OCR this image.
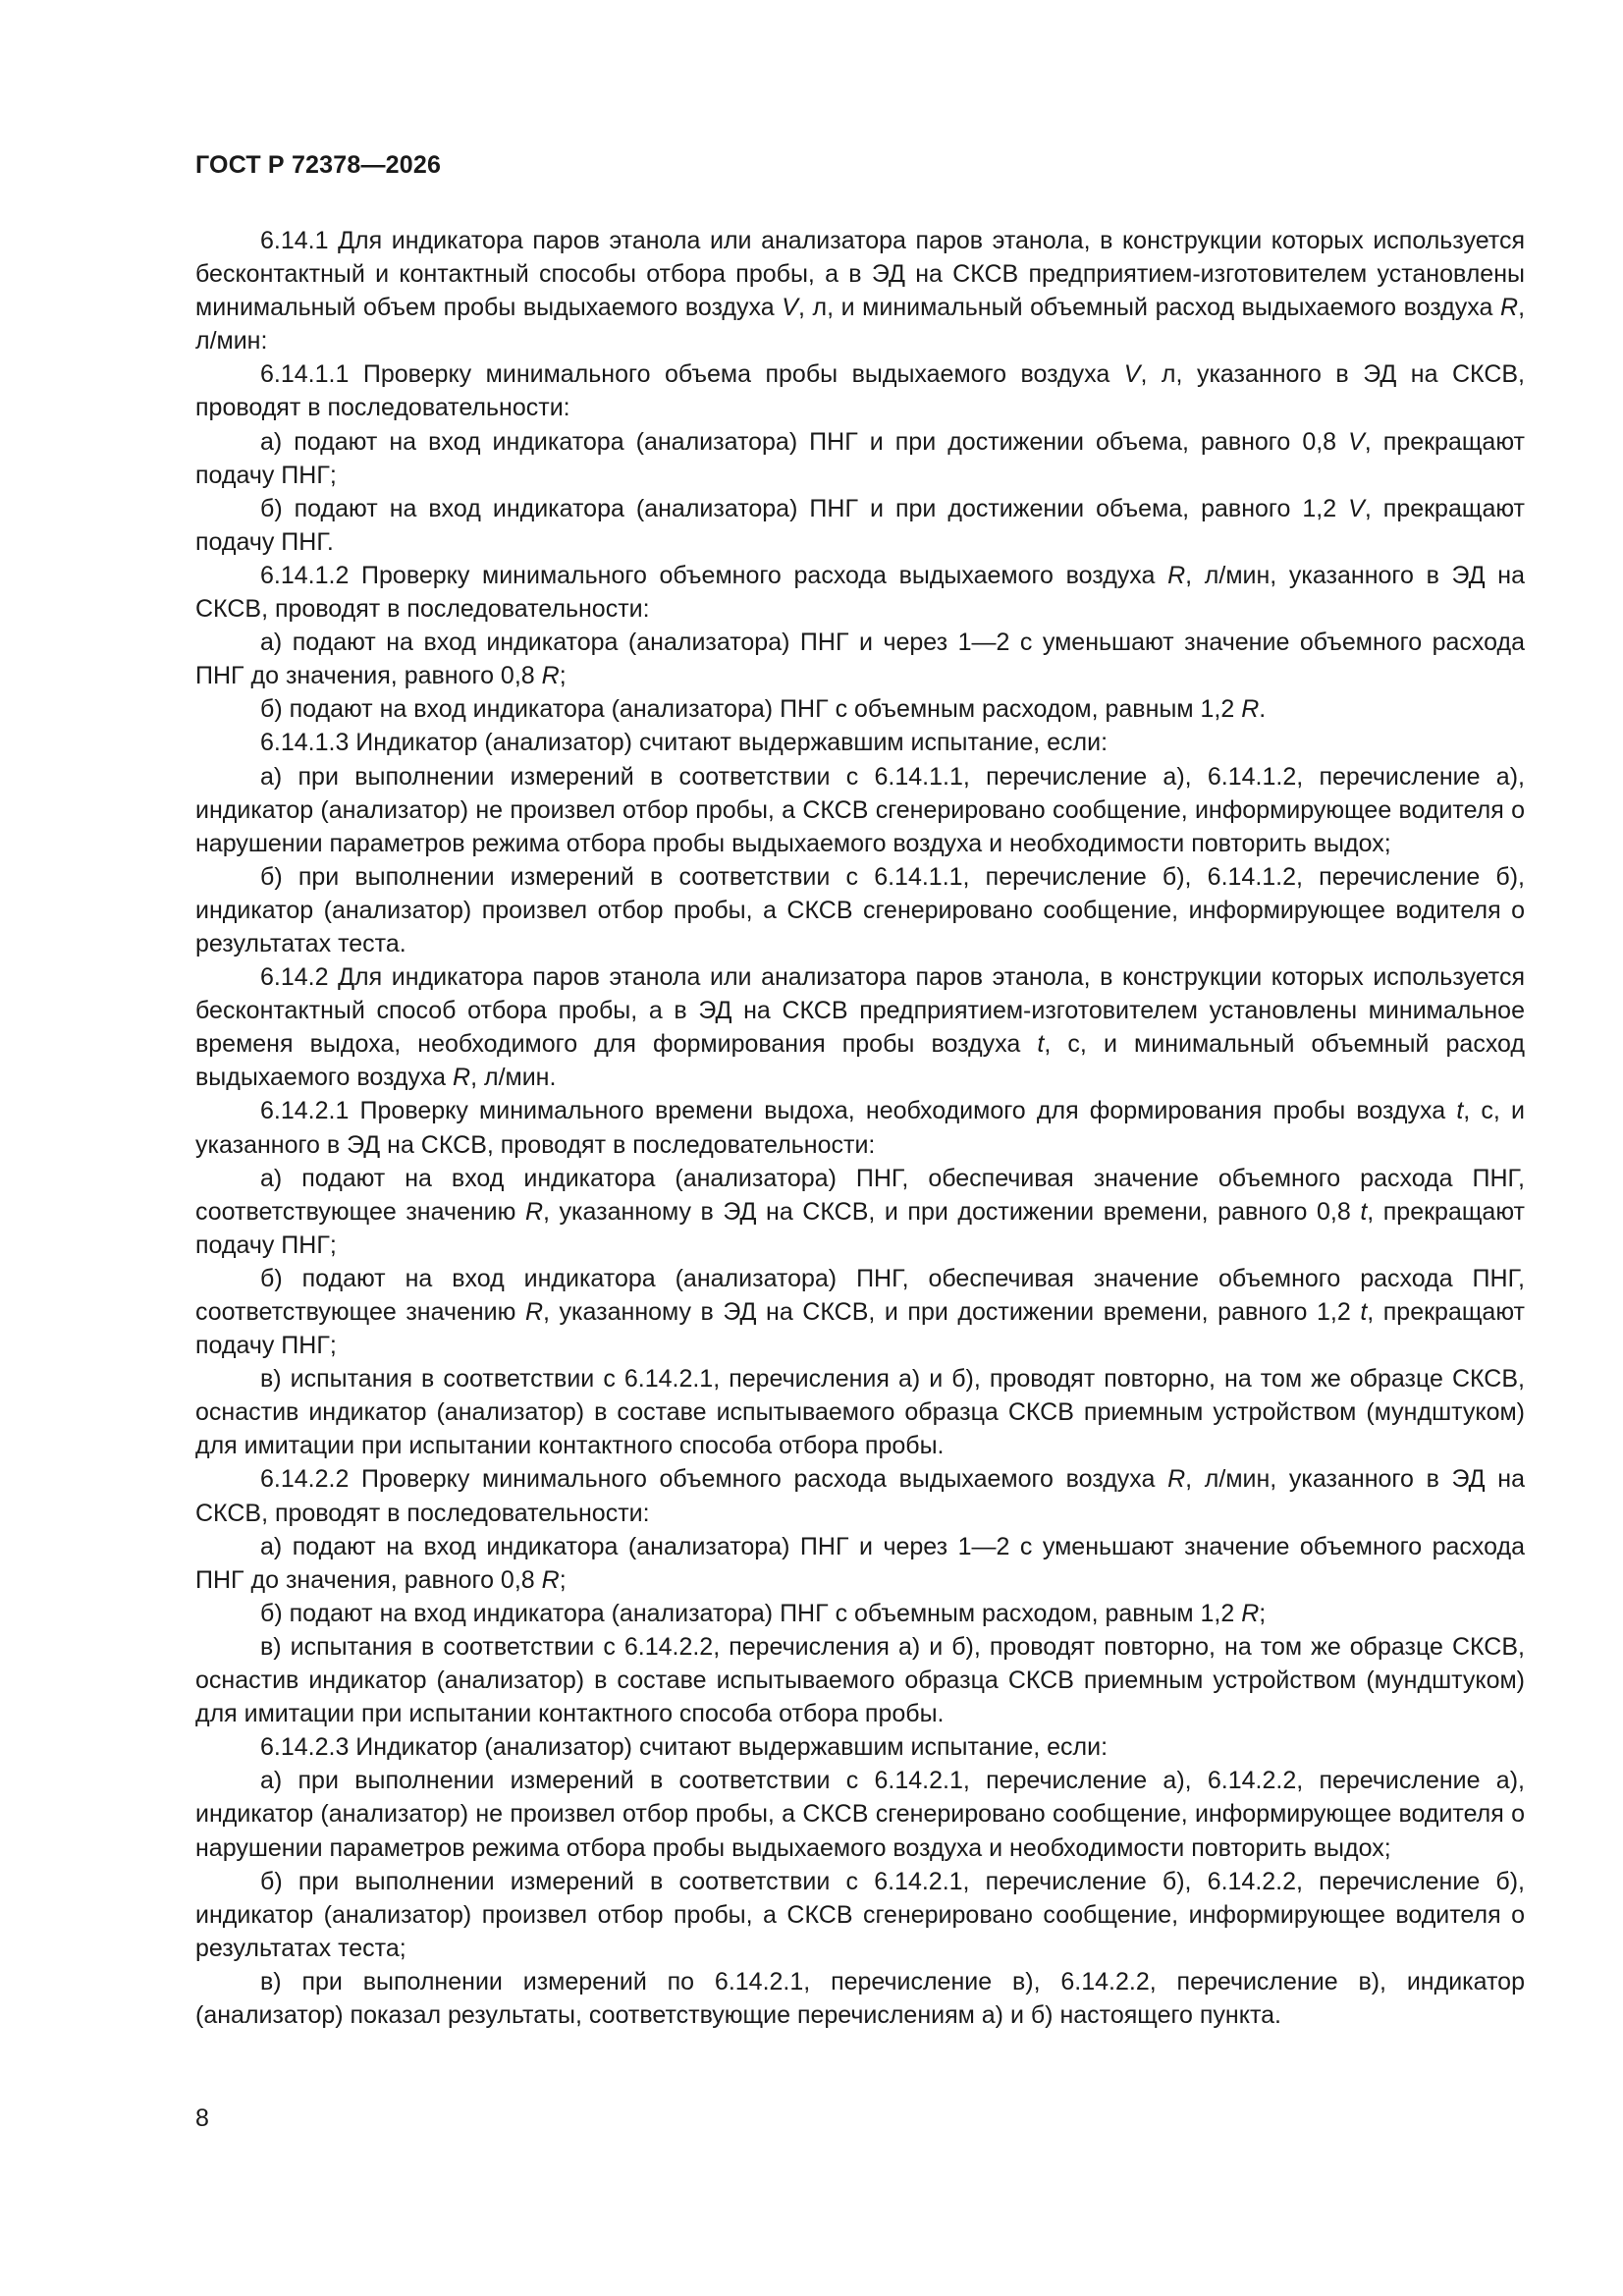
ГОСТ Р 72378—2026

6.14.1 Для индикатора паров этанола или анализатора паров этанола, в конструкции которых используется бесконтактный и контактный способы отбора пробы, а в ЭД на СКСВ предприятием-изготовителем установлены минимальный объем пробы выдыхаемого воздуха V, л, и минимальный объемный расход выдыхаемого воздуха R, л/мин:

6.14.1.1 Проверку минимального объема пробы выдыхаемого воздуха V, л, указанного в ЭД на СКСВ, проводят в последовательности:

а) подают на вход индикатора (анализатора) ПНГ и при достижении объема, равного 0,8 V, прекращают подачу ПНГ;

б) подают на вход индикатора (анализатора) ПНГ и при достижении объема, равного 1,2 V, прекращают подачу ПНГ.

6.14.1.2 Проверку минимального объемного расхода выдыхаемого воздуха R, л/мин, указанного в ЭД на СКСВ, проводят в последовательности:

а) подают на вход индикатора (анализатора) ПНГ и через 1—2 с уменьшают значение объемного расхода ПНГ до значения, равного 0,8 R;

б) подают на вход индикатора (анализатора) ПНГ с объемным расходом, равным 1,2 R.

6.14.1.3 Индикатор (анализатор) считают выдержавшим испытание, если:

а) при выполнении измерений в соответствии с 6.14.1.1, перечисление а), 6.14.1.2, перечисление а), индикатор (анализатор) не произвел отбор пробы, а СКСВ сгенерировано сообщение, информирующее водителя о нарушении параметров режима отбора пробы выдыхаемого воздуха и необходимости повторить выдох;

б) при выполнении измерений в соответствии с 6.14.1.1, перечисление б), 6.14.1.2, перечисление б), индикатор (анализатор) произвел отбор пробы, а СКСВ сгенерировано сообщение, информирующее водителя о результатах теста.

6.14.2 Для индикатора паров этанола или анализатора паров этанола, в конструкции которых используется бесконтактный способ отбора пробы, а в ЭД на СКСВ предприятием-изготовителем установлены минимальное временя выдоха, необходимого для формирования пробы воздуха t, с, и минимальный объемный расход выдыхаемого воздуха R, л/мин.

6.14.2.1 Проверку минимального времени выдоха, необходимого для формирования пробы воздуха t, с, и указанного в ЭД на СКСВ, проводят в последовательности:

а) подают на вход индикатора (анализатора) ПНГ, обеспечивая значение объемного расхода ПНГ, соответствующее значению R, указанному в ЭД на СКСВ, и при достижении времени, равного 0,8 t, прекращают подачу ПНГ;

б) подают на вход индикатора (анализатора) ПНГ, обеспечивая значение объемного расхода ПНГ, соответствующее значению R, указанному в ЭД на СКСВ, и при достижении времени, равного 1,2 t, прекращают подачу ПНГ;

в) испытания в соответствии с 6.14.2.1, перечисления а) и б), проводят повторно, на том же образце СКСВ, оснастив индикатор (анализатор) в составе испытываемого образца СКСВ приемным устройством (мундштуком) для имитации при испытании контактного способа отбора пробы.

6.14.2.2 Проверку минимального объемного расхода выдыхаемого воздуха R, л/мин, указанного в ЭД на СКСВ, проводят в последовательности:

а) подают на вход индикатора (анализатора) ПНГ и через 1—2 с уменьшают значение объемного расхода ПНГ до значения, равного 0,8 R;

б) подают на вход индикатора (анализатора) ПНГ с объемным расходом, равным 1,2 R;

в) испытания в соответствии с 6.14.2.2, перечисления а) и б), проводят повторно, на том же образце СКСВ, оснастив индикатор (анализатор) в составе испытываемого образца СКСВ приемным устройством (мундштуком) для имитации при испытании контактного способа отбора пробы.

6.14.2.3 Индикатор (анализатор) считают выдержавшим испытание, если:

а) при выполнении измерений в соответствии с 6.14.2.1, перечисление а), 6.14.2.2, перечисление а), индикатор (анализатор) не произвел отбор пробы, а СКСВ сгенерировано сообщение, информирующее водителя о нарушении параметров режима отбора пробы выдыхаемого воздуха и необходимости повторить выдох;

б) при выполнении измерений в соответствии с 6.14.2.1, перечисление б), 6.14.2.2, перечисление б), индикатор (анализатор) произвел отбор пробы, а СКСВ сгенерировано сообщение, информирующее водителя о результатах теста;

в) при выполнении измерений по 6.14.2.1, перечисление в), 6.14.2.2, перечисление в), индикатор (анализатор) показал результаты, соответствующие перечислениям а) и б) настоящего пункта.

8
